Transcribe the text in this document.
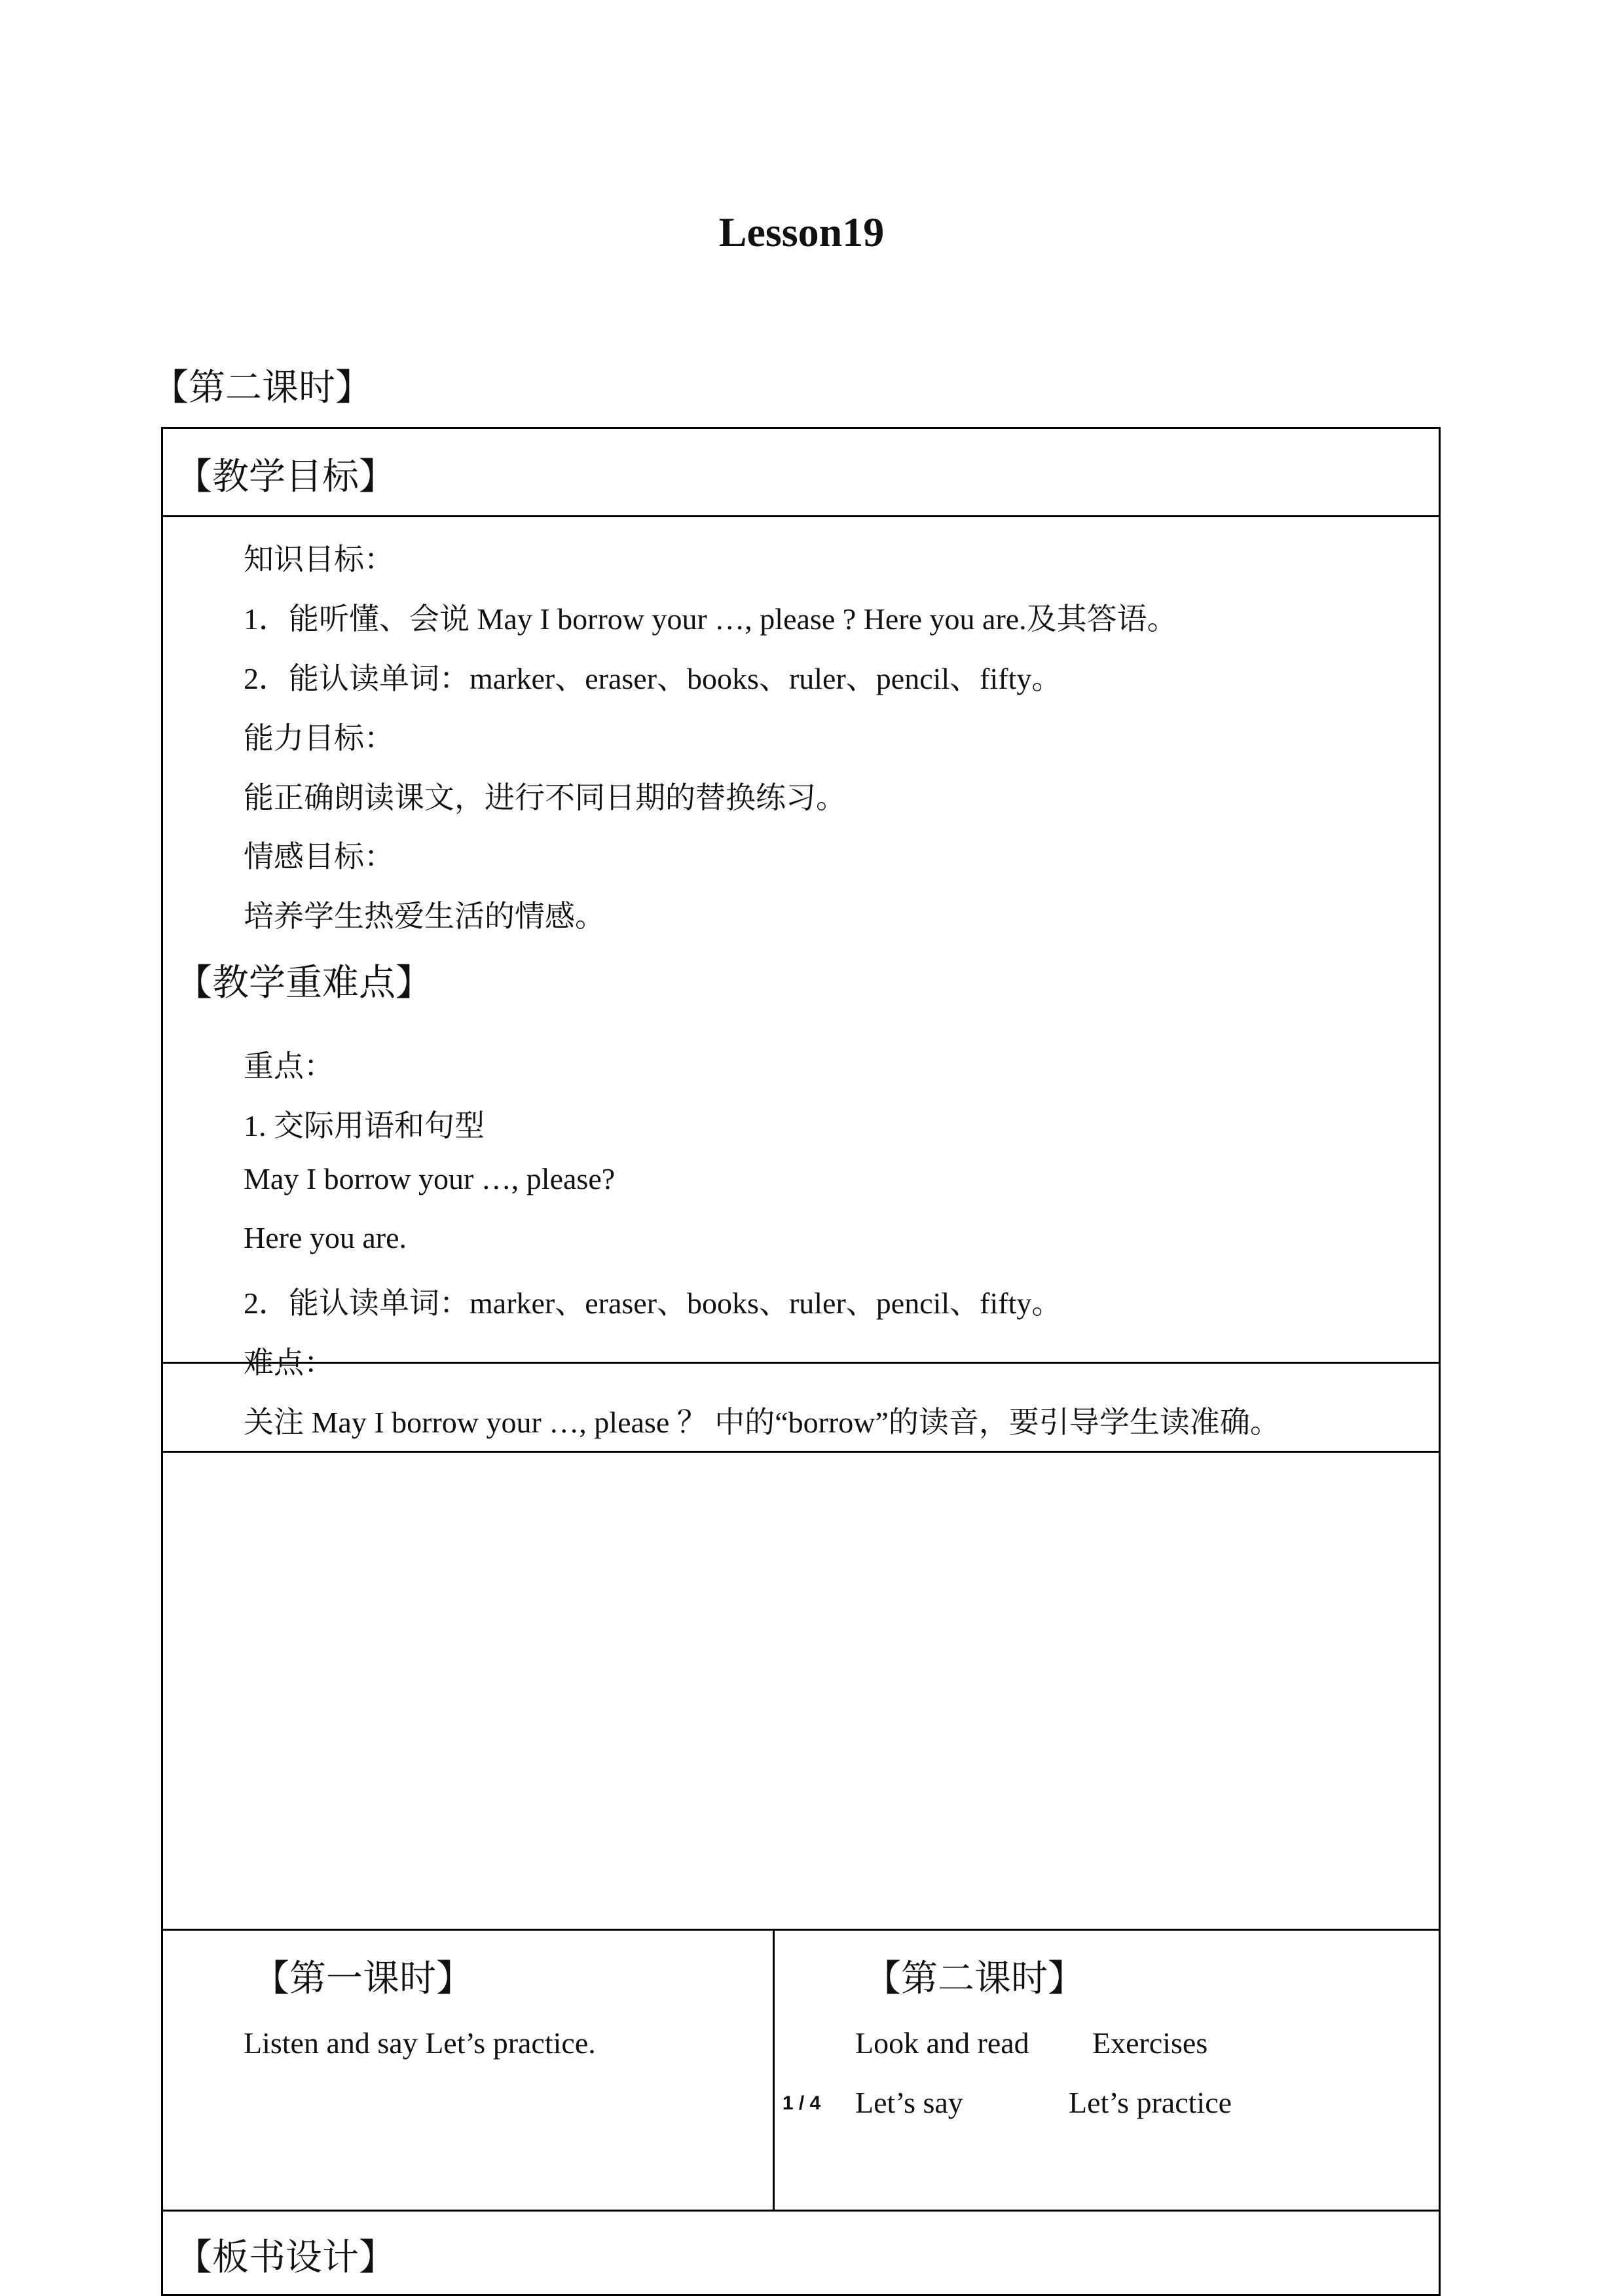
Lesson19
【第二课时】
【教学目标】
知识目标：
1．能听懂、会说 May I borrow your …, please ? Here you are.及其答语。
2．能认读单词：marker、eraser、books、ruler、pencil、fifty。
能力目标：
能正确朗读课文，进行不同日期的替换练习。
情感目标：
培养学生热爱生活的情感。
【教学重难点】
重点：
1. 交际用语和句型
May I borrow your …, please?
Here you are.
2．能认读单词：marker、eraser、books、ruler、pencil、fifty。
难点：
关注 May I borrow your …, please ？ 中的“borrow”的读音，要引导学生读准确。
【第一课时】
Listen and say Let’s practice.
【第二课时】
Look and read Exercises
Let’s say	Let’s practice
【板书设计】
1 / 4
